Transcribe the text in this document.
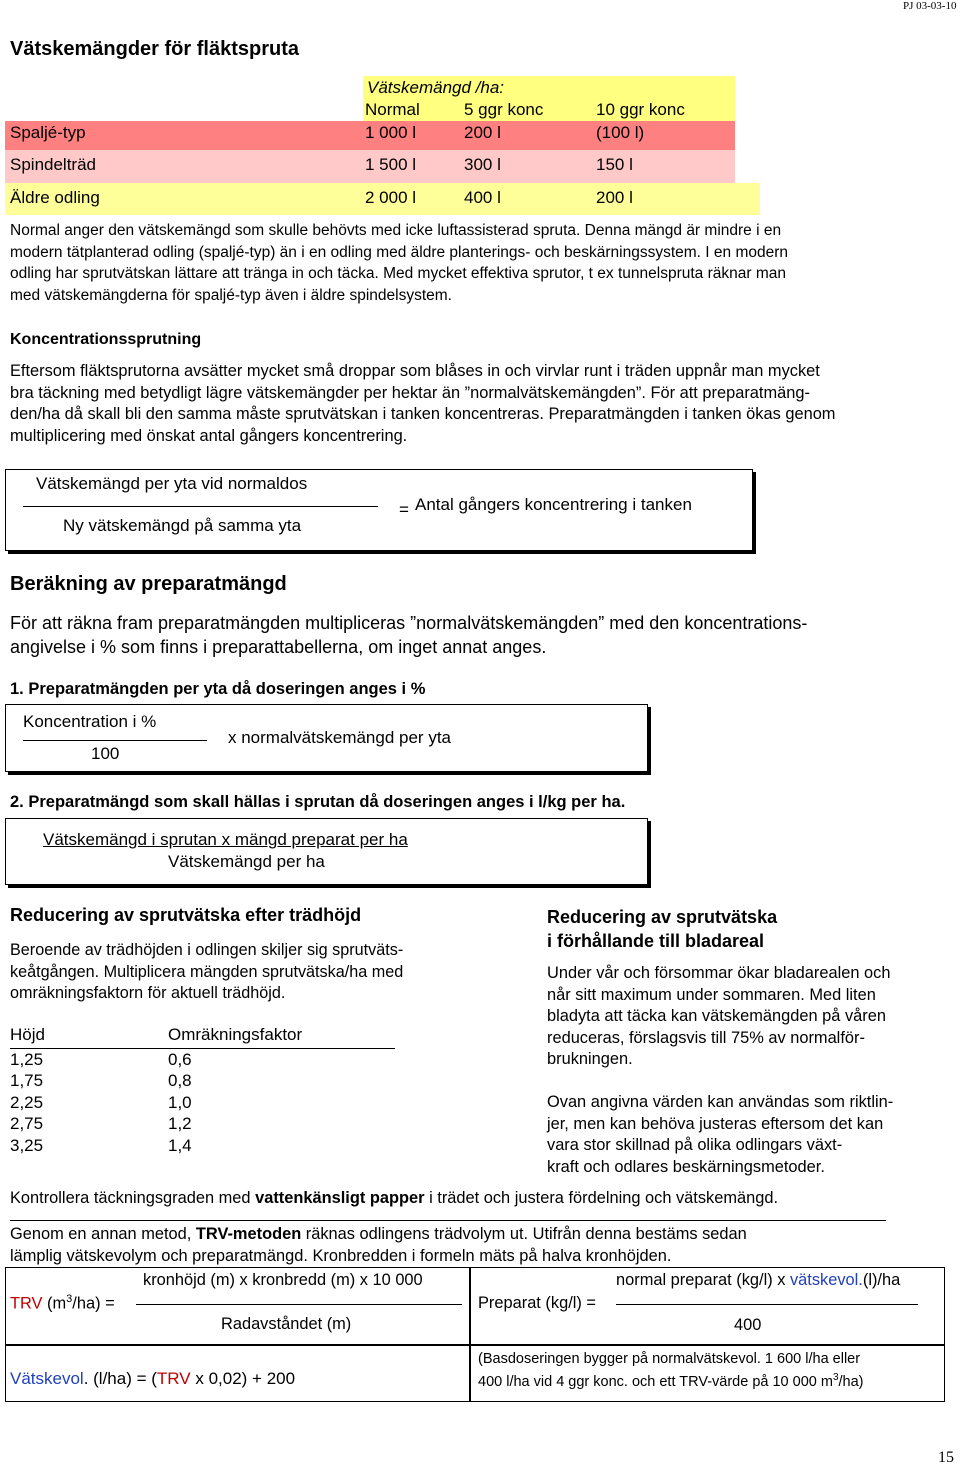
PJ 03-03-10
Vätskemängder för fläktspruta
Vätskemängd /ha:
Normal	5 ggr konc	10 ggr konc
Spaljé-typ	1 000 l	200 l	(100 l)
Spindelträd	1 500 l	300 l	150 l
Äldre odling	2 000 l	400 l	200 l
Normal anger den vätskemängd som skulle behövts med icke luftassisterad spruta. Denna mängd är mindre i en
modern tätplanterad odling (spaljé-typ) än i en odling med äldre planterings- och beskärningssystem. I en modern
odling har sprutvätskan lättare att tränga in och täcka. Med mycket effektiva sprutor, t ex tunnelspruta räknar man
med vätskemängderna för spaljé-typ även i äldre spindelsystem.
Koncentrationssprutning
Eftersom fläktsprutorna avsätter mycket små droppar som blåses in och virvlar runt i träden uppnår man mycket
bra täckning med betydligt lägre vätskemängder per hektar än ”normalvätskemängden”. För att preparatmäng-
den/ha då skall bli den samma måste sprutvätskan i tanken koncentreras. Preparatmängden i tanken ökas genom
multiplicering med önskat antal gångers koncentrering.
Vätskemängd per yta vid normaldos
Ny vätskemängd på samma yta
= Antal gångers koncentrering i tanken
Beräkning av preparatmängd
För att räkna fram preparatmängden multipliceras ”normalvätskemängden” med den koncentrations-
angivelse i % som finns i preparattabellerna, om inget annat anges.
1. Preparatmängden per yta då doseringen anges i %
Koncentration i %
100
x normalvätskemängd per yta
2. Preparatmängd som skall hällas i sprutan då doseringen anges i l/kg per ha.
Vätskemängd i sprutan x mängd preparat per ha
Vätskemängd per ha
Reducering av sprutvätska efter trädhöjd
Beroende av trädhöjden i odlingen skiljer sig sprutväts-
keåtgången. Multiplicera mängden sprutvätska/ha med
omräkningsfaktorn för aktuell trädhöjd.
Höjd	Omräkningsfaktor
1,25	0,6
1,75	0,8
2,25	1,0
2,75	1,2
3,25	1,4
Reducering av sprutvätska
i förhållande till bladareal
Under vår och försommar ökar bladarealen och
når sitt maximum under sommaren. Med liten
bladyta att täcka kan vätskemängden på våren
reduceras, förslagsvis till 75% av normalför-
brukningen.
Ovan angivna värden kan användas som riktlin-
jer, men kan behöva justeras eftersom det kan
vara stor skillnad på olika odlingars växt-
kraft och odlares beskärningsmetoder.
Kontrollera täckningsgraden med vattenkänsligt papper i trädet och justera fördelning och vätskemängd.
Genom en annan metod, TRV-metoden räknas odlingens trädvolym ut. Utifrån denna bestäms sedan
lämplig vätskevolym och preparatmängd. Kronbredden i formeln mäts på halva kronhöjden.
kronhöjd (m) x kronbredd (m) x 10 000
TRV $(m^3/ha)$ =
Radavståndet (m)
normal preparat (kg/l) x vätskevol.(l)/ha
Preparat (kg/l) =
400
Vätskevol. (l/ha) = (TRV x 0,02) + 200
(Basdoseringen bygger på normalvätskevol. 1 600 l/ha eller
400 l/ha vid 4 ggr konc. och ett TRV-värde på 10 000 $m^3/ha$)
15
